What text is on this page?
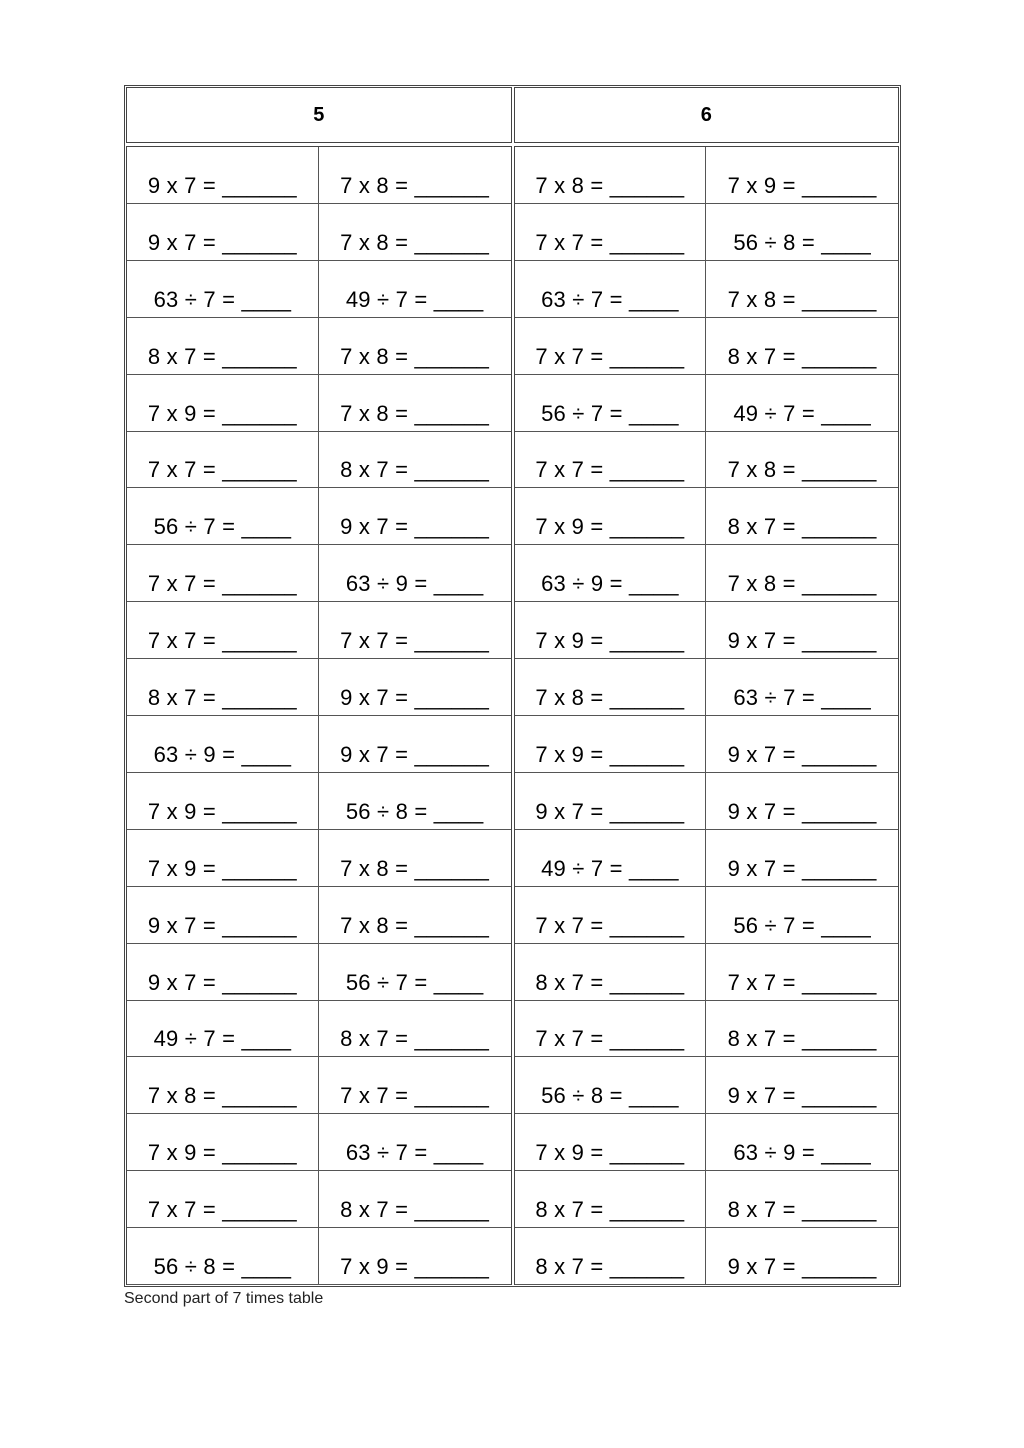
5
9 x 7 = ______	7 x 8 = ______
9 x 7 = ______	7 x 8 = ______
63 ÷ 7 = ____	49 ÷ 7 = ____
8 x 7 = ______	7 x 8 = ______
7 x 9 = ______	7 x 8 = ______
7 x 7 = ______	8 x 7 = ______
56 ÷ 7 = ____	9 x 7 = ______
7 x 7 = ______	63 ÷ 9 = ____
7 x 7 = ______	7 x 7 = ______
8 x 7 = ______	9 x 7 = ______
63 ÷ 9 = ____	9 x 7 = ______
7 x 9 = ______	56 ÷ 8 = ____
7 x 9 = ______	7 x 8 = ______
9 x 7 = ______	7 x 8 = ______
9 x 7 = ______	56 ÷ 7 = ____
49 ÷ 7 = ____	8 x 7 = ______
7 x 8 = ______	7 x 7 = ______
7 x 9 = ______	63 ÷ 7 = ____
7 x 7 = ______	8 x 7 = ______
56 ÷ 8 = ____	7 x 9 = ______
6
7 x 8 = ______	7 x 9 = ______
7 x 7 = ______	56 ÷ 8 = ____
63 ÷ 7 = ____	7 x 8 = ______
7 x 7 = ______	8 x 7 = ______
56 ÷ 7 = ____	49 ÷ 7 = ____
7 x 7 = ______	7 x 8 = ______
7 x 9 = ______	8 x 7 = ______
63 ÷ 9 = ____	7 x 8 = ______
7 x 9 = ______	9 x 7 = ______
7 x 8 = ______	63 ÷ 7 = ____
7 x 9 = ______	9 x 7 = ______
9 x 7 = ______	9 x 7 = ______
49 ÷ 7 = ____	9 x 7 = ______
7 x 7 = ______	56 ÷ 7 = ____
8 x 7 = ______	7 x 7 = ______
7 x 7 = ______	8 x 7 = ______
56 ÷ 8 = ____	9 x 7 = ______
7 x 9 = ______	63 ÷ 9 = ____
8 x 7 = ______	8 x 7 = ______
8 x 7 = ______	9 x 7 = ______
Second part of 7 times table
